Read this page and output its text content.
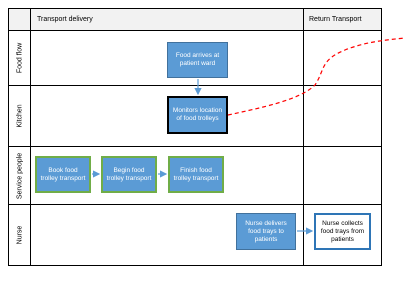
Transport delivery	Return Transport
Food flow
Kitchen
Service people
Nurse
Food arrives at patient ward
Monitors location of food trolleys
Book food trolley transport
Begin food trolley transport
Finish food trolley transport
Nurse delivers food trays to patients
Nurse collects food trays from patients
